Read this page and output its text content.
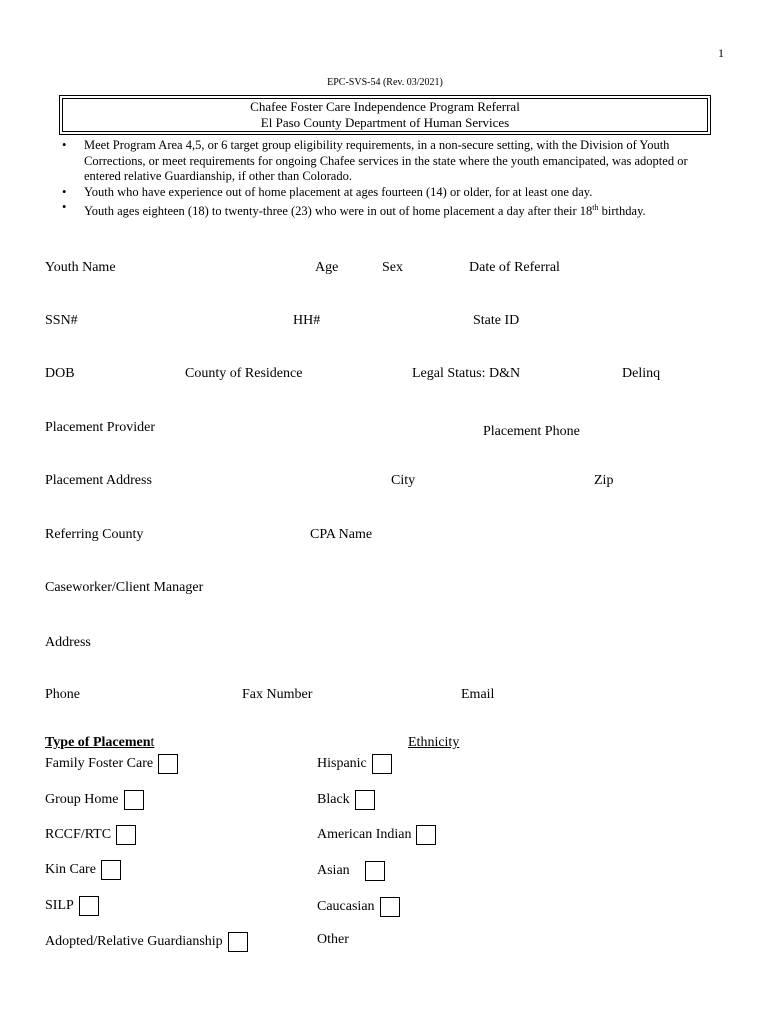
1
EPC-SVS-54 (Rev. 03/2021)
Chafee Foster Care Independence Program Referral
El Paso County Department of Human Services
• Meet Program Area 4,5, or 6 target group eligibility requirements, in a non-secure setting, with the Division of Youth Corrections, or meet requirements for ongoing Chafee services in the state where the youth emancipated, was adopted or entered relative Guardianship, if other than Colorado.
• Youth who have experience out of home placement at ages fourteen (14) or older, for at least one day.
• Youth ages eighteen (18) to twenty-three (23) who were in out of home placement a day after their 18th birthday.
Youth Name	Age	Sex	Date of Referral
SSN#	HH#	State ID
DOB	County of Residence	Legal Status: D&N	Delinq
Placement Provider	Placement Phone
Placement Address	City	Zip
Referring County	CPA Name
Caseworker/Client Manager
Address
Phone	Fax Number	Email
Type of Placement
Family Foster Care
Group Home
RCCF/RTC
Kin Care
SILP
Adopted/Relative Guardianship
Ethnicity
Hispanic
Black
American Indian
Asian
Caucasian
Other
